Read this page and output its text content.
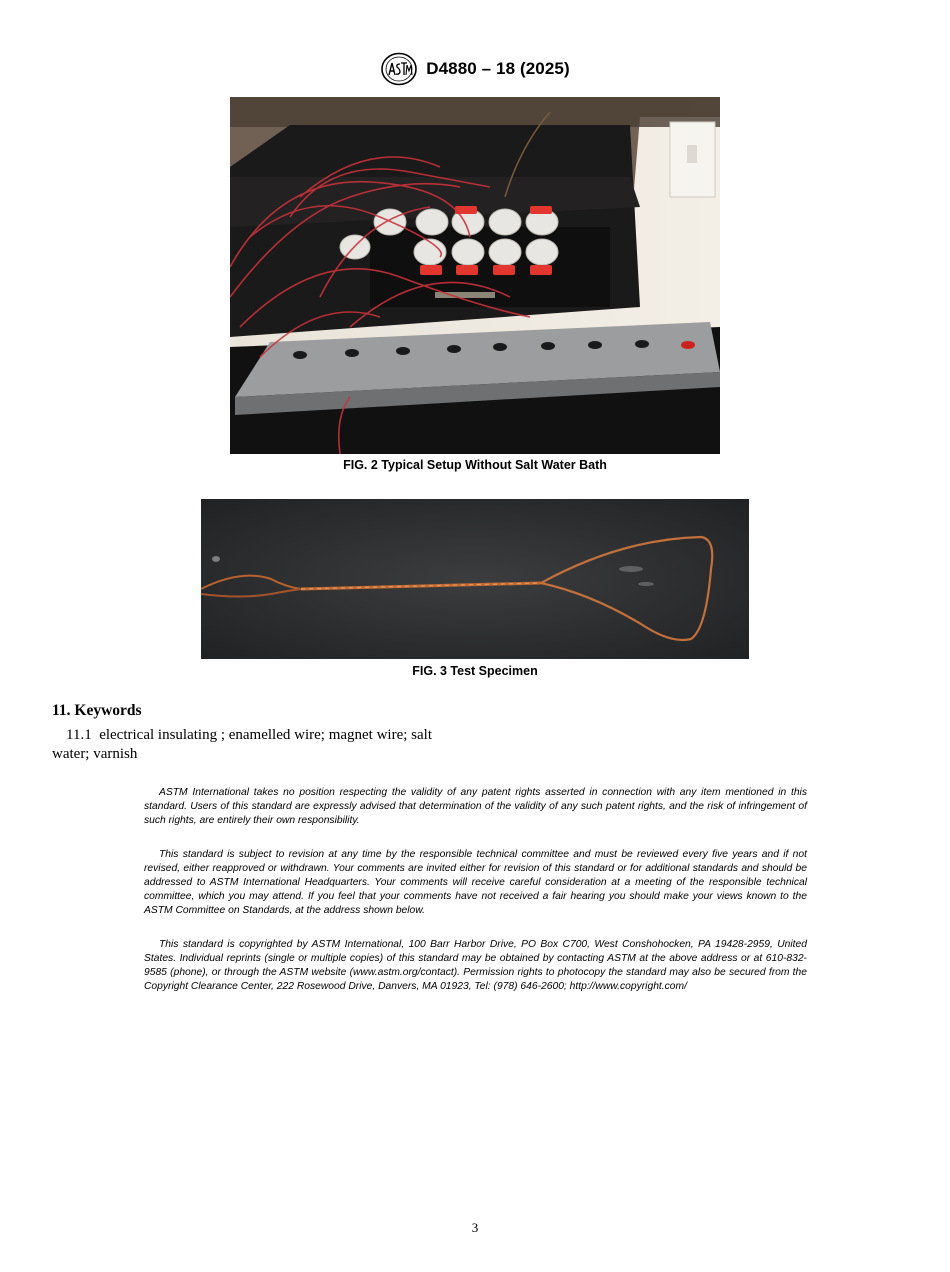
D4880 – 18 (2025)
FIG. 2 Typical Setup Without Salt Water Bath
FIG. 3 Test Specimen
11. Keywords
11.1 electrical insulating ; enamelled wire; magnet wire; salt water; varnish

ASTM International takes no position respecting the validity of any patent rights asserted in connection with any item mentioned in this standard. Users of this standard are expressly advised that determination of the validity of any such patent rights, and the risk of infringement of such rights, are entirely their own responsibility.

This standard is subject to revision at any time by the responsible technical committee and must be reviewed every five years and if not revised, either reapproved or withdrawn. Your comments are invited either for revision of this standard or for additional standards and should be addressed to ASTM International Headquarters. Your comments will receive careful consideration at a meeting of the responsible technical committee, which you may attend. If you feel that your comments have not received a fair hearing you should make your views known to the ASTM Committee on Standards, at the address shown below.

This standard is copyrighted by ASTM International, 100 Barr Harbor Drive, PO Box C700, West Conshohocken, PA 19428-2959, United States. Individual reprints (single or multiple copies) of this standard may be obtained by contacting ASTM at the above address or at 610-832-9585 (phone), or through the ASTM website (www.astm.org/contact). Permission rights to photocopy the standard may also be secured from the Copyright Clearance Center, 222 Rosewood Drive, Danvers, MA 01923, Tel: (978) 646-2600; http://www.copyright.com/

3
